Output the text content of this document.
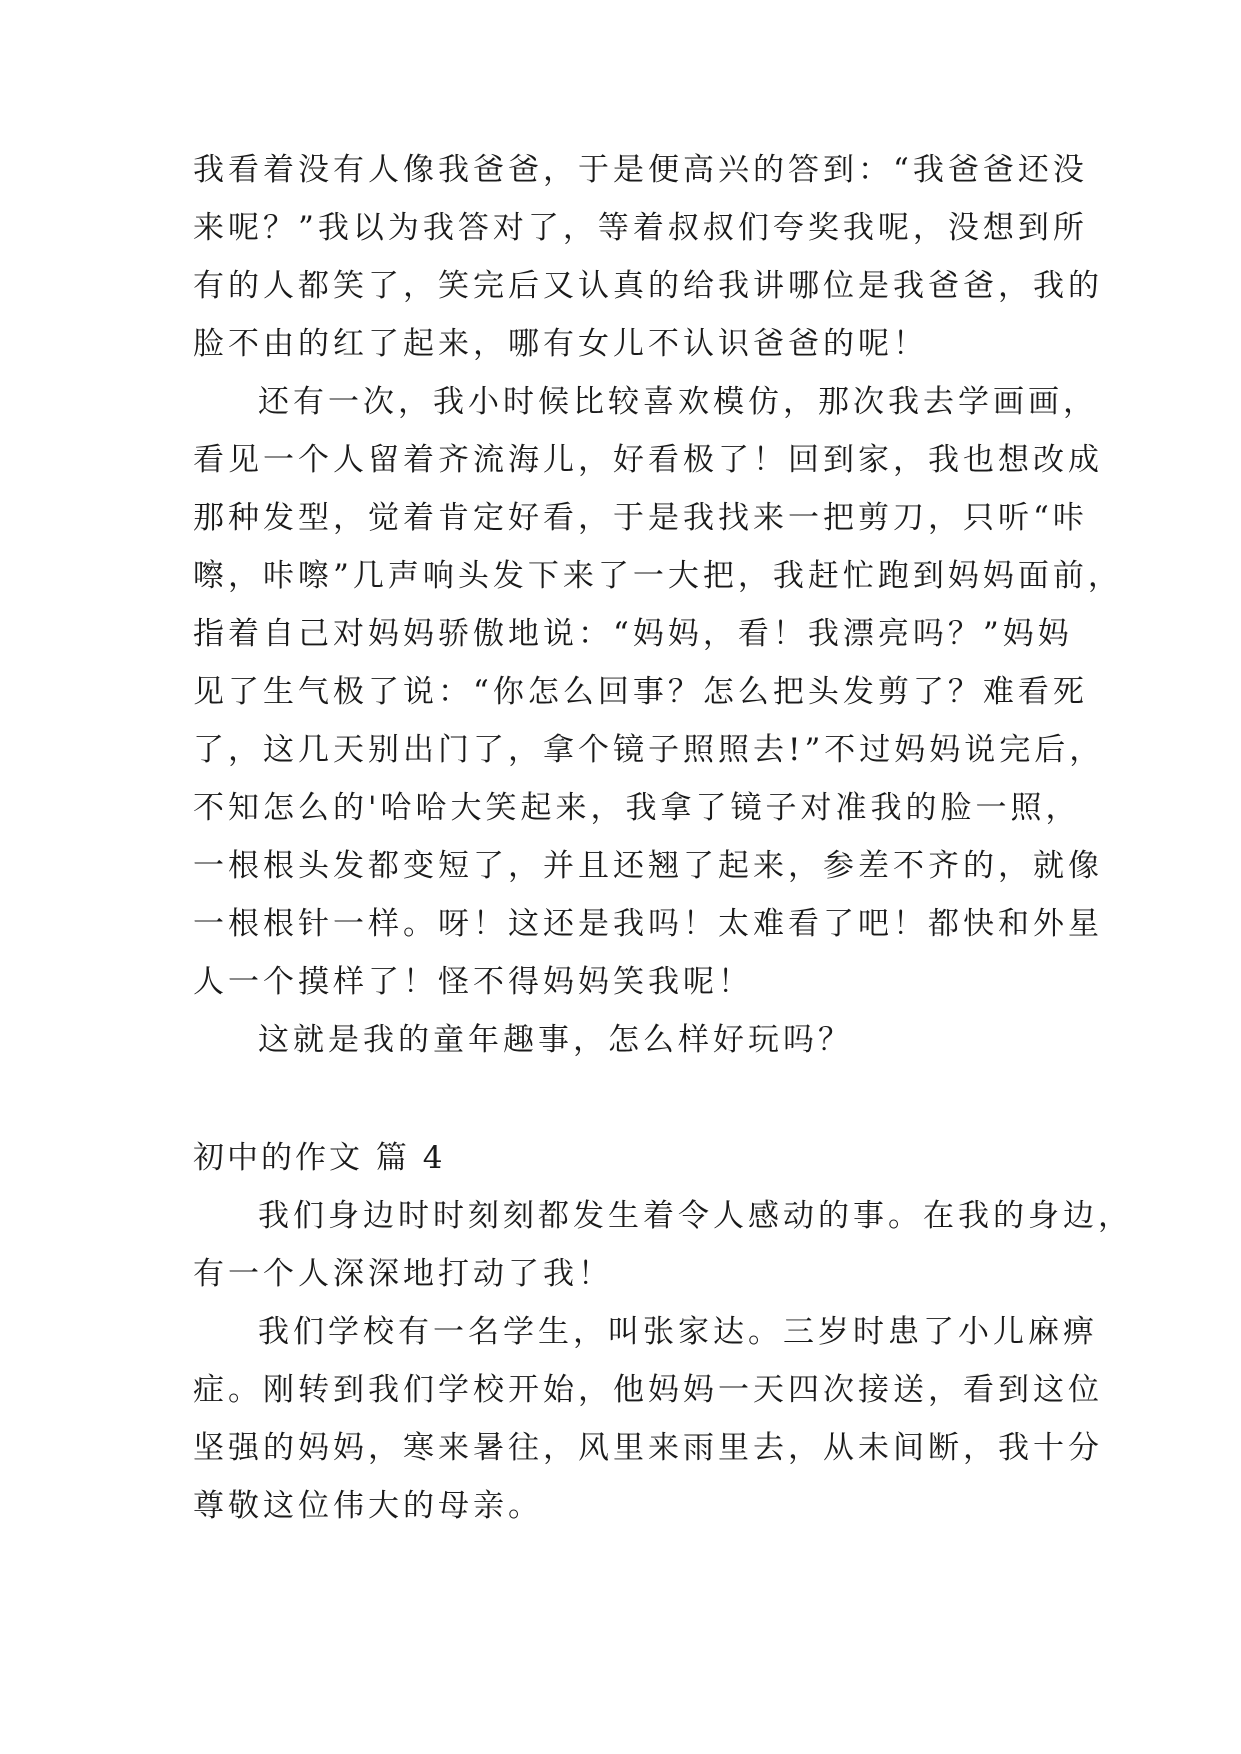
我看着没有人像我爸爸，于是便高兴的答到：“我爸爸还没
来呢？”我以为我答对了，等着叔叔们夸奖我呢，没想到所
有的人都笑了，笑完后又认真的给我讲哪位是我爸爸，我的
脸不由的红了起来，哪有女儿不认识爸爸的呢！
还有一次，我小时候比较喜欢模仿，那次我去学画画，
看见一个人留着齐流海儿，好看极了！回到家，我也想改成
那种发型，觉着肯定好看，于是我找来一把剪刀，只听“咔
嚓，咔嚓”几声响头发下来了一大把，我赶忙跑到妈妈面前，
指着自己对妈妈骄傲地说：“妈妈，看！我漂亮吗？”妈妈
见了生气极了说：“你怎么回事？怎么把头发剪了？难看死
了，这几天别出门了，拿个镜子照照去!”不过妈妈说完后，
不知怎么的'哈哈大笑起来，我拿了镜子对准我的脸一照，
一根根头发都变短了，并且还翘了起来，参差不齐的，就像
一根根针一样。呀！这还是我吗！太难看了吧！都快和外星
人一个摸样了！怪不得妈妈笑我呢！
这就是我的童年趣事，怎么样好玩吗？
初中的作文 篇 4
我们身边时时刻刻都发生着令人感动的事。在我的身边，
有一个人深深地打动了我！
我们学校有一名学生，叫张家达。三岁时患了小儿麻痹
症。刚转到我们学校开始，他妈妈一天四次接送，看到这位
坚强的妈妈，寒来暑往，风里来雨里去，从未间断，我十分
尊敬这位伟大的母亲。
